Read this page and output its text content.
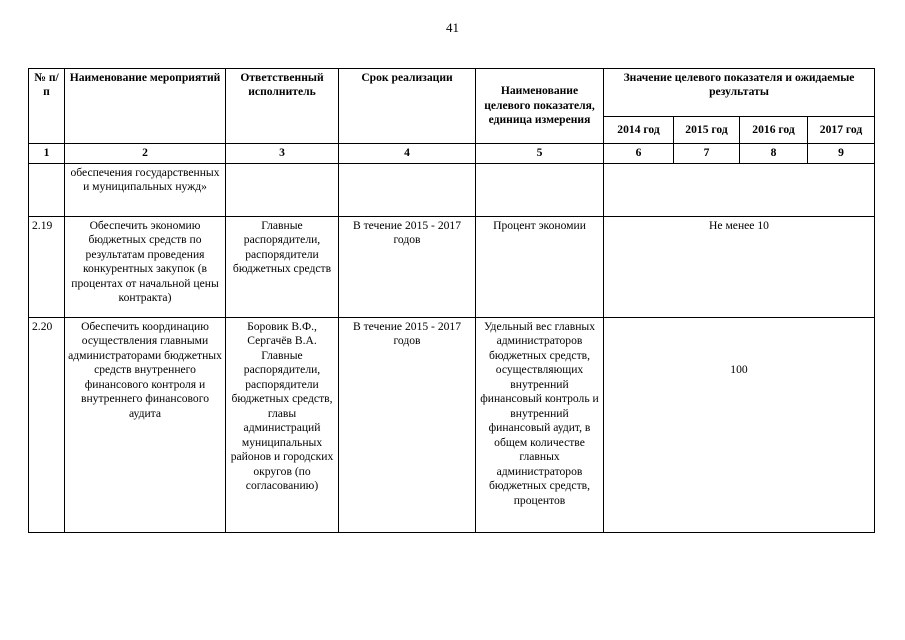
41
№ п/п	Наименование мероприятий	Ответственный исполнитель	Срок реализации	Наименование целевого показателя, единица измерения	Значение целевого показателя и ожидаемые результаты			
					2014 год	2015 год	2016 год	2017 год
1	2	3	4	5	6	7	8	9
	обеспечения государственных и муниципальных нужд»							
2.19	Обеспечить экономию бюджетных средств по результатам проведения конкурентных закупок (в процентах от начальной цены контракта)	Главные распорядители, распорядители бюджетных средств	В течение 2015 - 2017 годов	Процент экономии	Не менее 10			
2.20	Обеспечить координацию осуществления главными администраторами бюджетных средств внутреннего финансового контроля и внутреннего финансового аудита	Боровик В.Ф., Сергачёв В.А. Главные распорядители, распорядители бюджетных средств, главы администраций муниципальных районов и городских округов (по согласованию)	В течение 2015 - 2017 годов	Удельный вес главных администраторов бюджетных средств, осуществляющих внутренний финансовый контроль и внутренний финансовый аудит, в общем количестве главных администраторов бюджетных средств, процентов	100			
